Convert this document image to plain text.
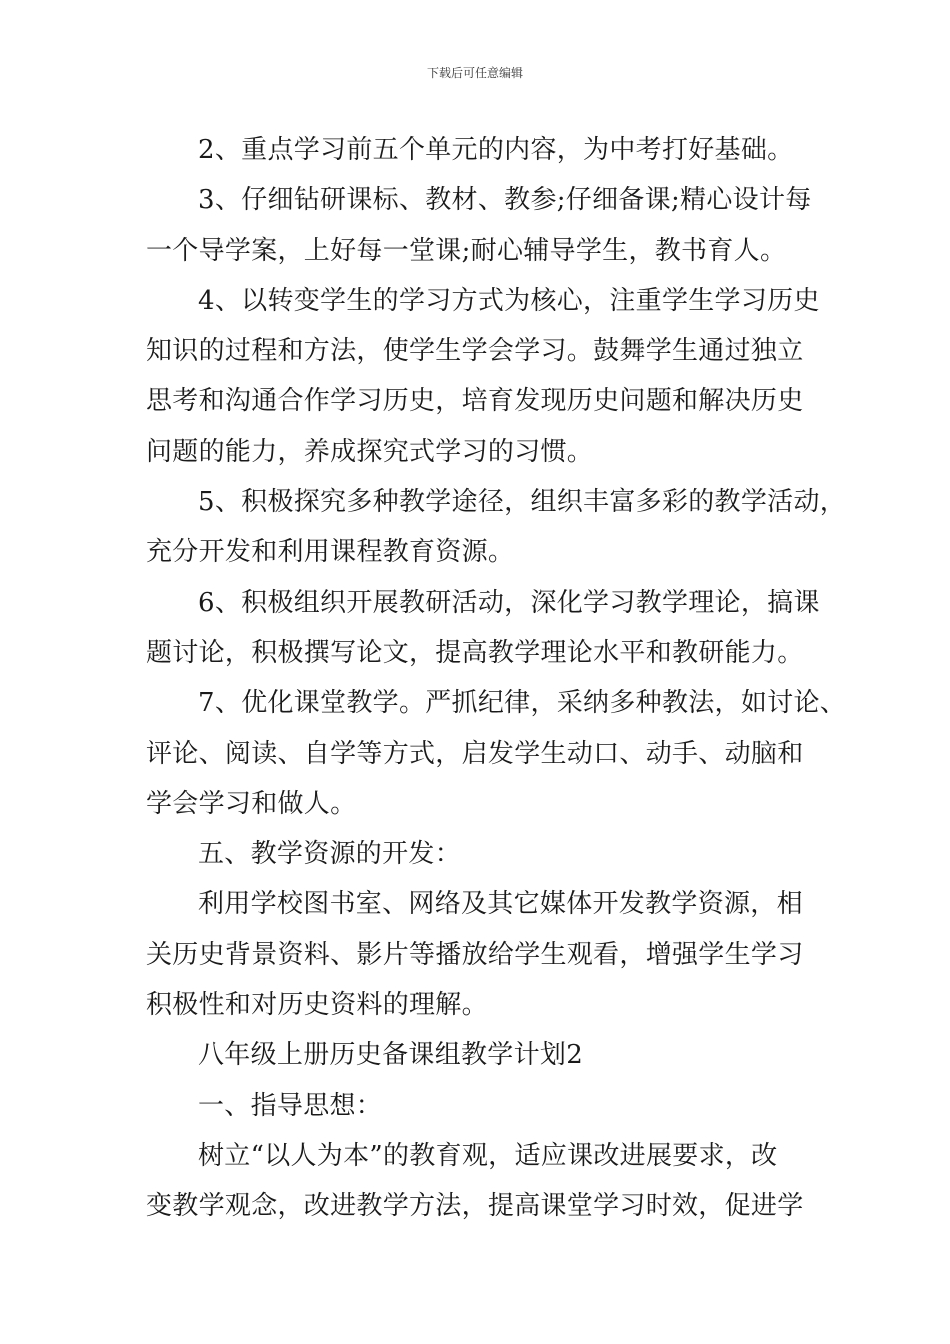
下载后可任意编辑

2、重点学习前五个单元的内容，为中考打好基础。

3、仔细钻研课标、教材、教参;仔细备课;精心设计每
一个导学案，上好每一堂课;耐心辅导学生，教书育人。

4、以转变学生的学习方式为核心，注重学生学习历史
知识的过程和方法，使学生学会学习。鼓舞学生通过独立
思考和沟通合作学习历史，培育发现历史问题和解决历史
问题的能力，养成探究式学习的习惯。

5、积极探究多种教学途径，组织丰富多彩的教学活动，
充分开发和利用课程教育资源。

6、积极组织开展教研活动，深化学习教学理论，搞课
题讨论，积极撰写论文，提高教学理论水平和教研能力。

7、优化课堂教学。严抓纪律，采纳多种教法，如讨论、
评论、阅读、自学等方式，启发学生动口、动手、动脑和
学会学习和做人。

五、教学资源的开发：

利用学校图书室、网络及其它媒体开发教学资源，相
关历史背景资料、影片等播放给学生观看，增强学生学习
积极性和对历史资料的理解。

八年级上册历史备课组教学计划2

一、指导思想：

树立“以人为本”的教育观，适应课改进展要求，改
变教学观念，改进教学方法，提高课堂学习时效，促进学
